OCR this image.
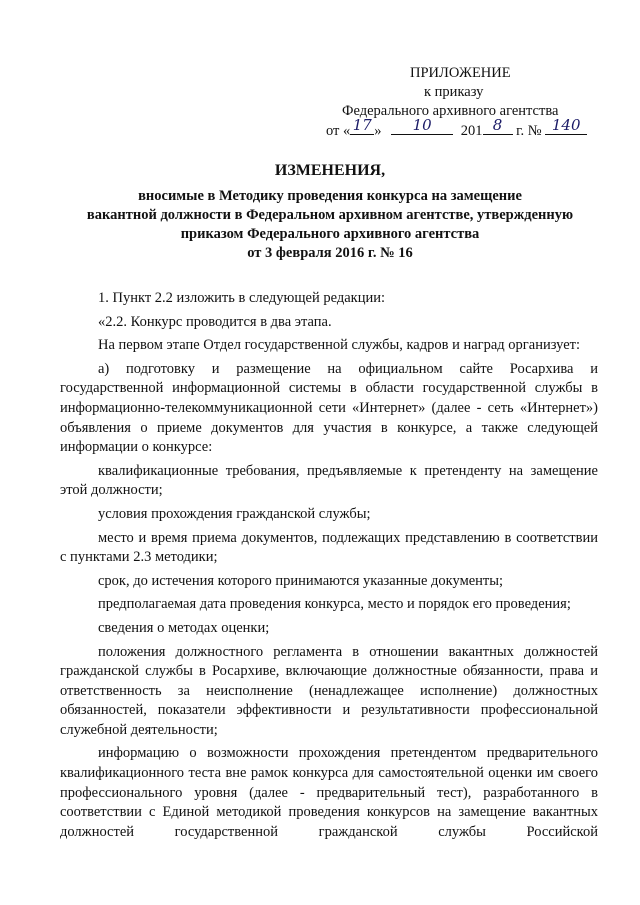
ПРИЛОЖЕНИЕ
к приказу
Федерального архивного агентства
от « 17 »	10	201 8 г. № 140
ИЗМЕНЕНИЯ,
вносимые в Методику проведения конкурса на замещение
вакантной должности в Федеральном архивном агентстве, утвержденную
приказом Федерального архивного агентства
от 3 февраля 2016 г. № 16

1. Пункт 2.2 изложить в следующей редакции:

«2.2. Конкурс проводится в два этапа.

На первом этапе Отдел государственной службы, кадров и наград организует:

а) подготовку и размещение на официальном сайте Росархива и государственной информационной системы в области государственной службы в информационно-телекоммуникационной сети «Интернет» (далее - сеть «Интернет») объявления о приеме документов для участия в конкурсе, а также следующей информации о конкурсе:

квалификационные требования, предъявляемые к претенденту на замещение этой должности;

условия прохождения гражданской службы;

место и время приема документов, подлежащих представлению в соответствии с пунктами 2.3 методики;

срок, до истечения которого принимаются указанные документы;

предполагаемая дата проведения конкурса, место и порядок его проведения;

сведения о методах оценки;

положения должностного регламента в отношении вакантных должностей гражданской службы в Росархиве, включающие должностные обязанности, права и ответственность за неисполнение (ненадлежащее исполнение) должностных обязанностей, показатели эффективности и результативности профессиональной служебной деятельности;

информацию о возможности прохождения претендентом предварительного квалификационного теста вне рамок конкурса для самостоятельной оценки им своего профессионального уровня (далее - предварительный тест), разработанного в соответствии с Единой методикой проведения конкурсов на замещение вакантных должностей государственной гражданской службы Российской
